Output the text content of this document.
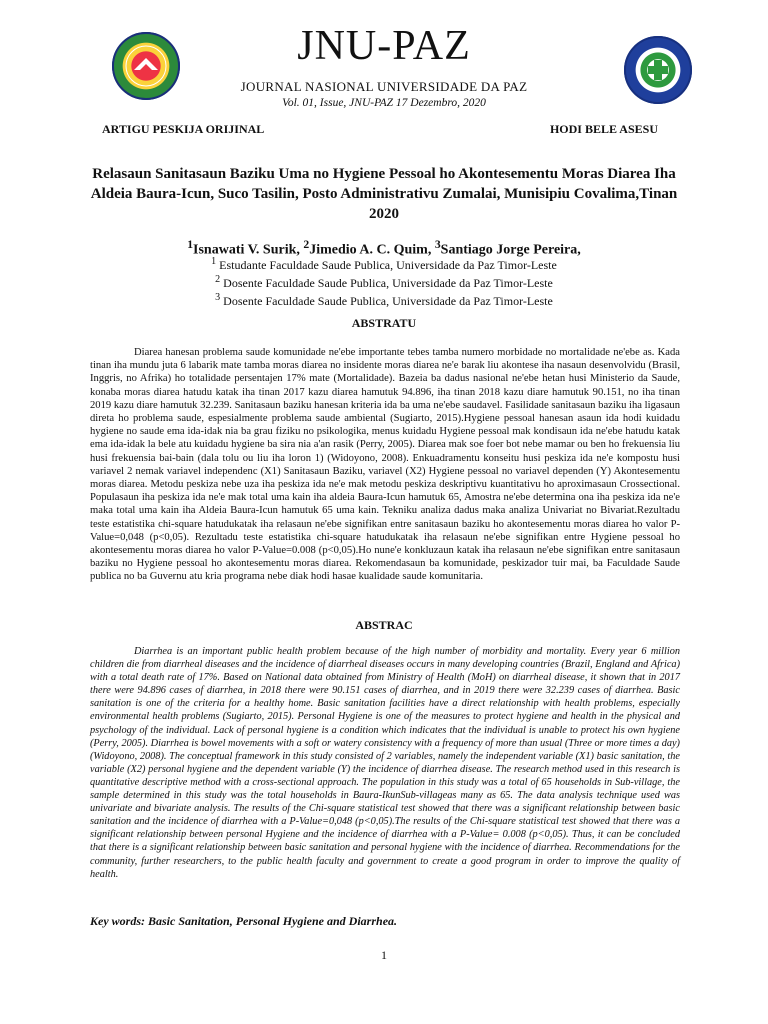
JNU-PAZ
JOURNAL NASIONAL UNIVERSIDADE DA PAZ
Vol. 01, Issue, JNU-PAZ 17 Dezembro, 2020
ARTIGU PESKIJA ORIJINAL	HODI BELE ASESU
Relasaun Sanitasaun Baziku Uma no Hygiene Pessoal ho Akontesementu Moras Diarea Iha Aldeia Baura-Icun, Suco Tasilin, Posto Administrativu Zumalai, Munisipiu Covalima,Tinan 2020
$^1$Isnawati V. Surik, $^2$Jimedio A. C. Quim, $^3$Santiago Jorge Pereira,
$^1$ Estudante Faculdade Saude Publica, Universidade da Paz Timor-Leste
$^2$ Dosente Faculdade Saude Publica, Universidade da Paz Timor-Leste
$^3$ Dosente Faculdade Saude Publica, Universidade da Paz Timor-Leste
ABSTRATU

Diarea hanesan problema saude komunidade ne'ebe importante tebes tamba numero morbidade no mortalidade ne'ebe as. Kada tinan iha mundu juta 6 labarik mate tamba moras diarea no insidente moras diarea ne'e barak liu akontese iha nasaun desenvolvidu (Brasil, Inggris, no Afrika) ho totalidade persentajen 17% mate (Mortalidade). Bazeia ba dadus nasional ne'ebe hetan husi Ministerio da Saude, konaba moras diarea hatudu katak iha tinan 2017 kazu diarea hamutuk 94.896, iha tinan 2018 kazu diare hamutuk 90.151, no iha tinan 2019 kazu diare hamutuk 32.239. Sanitasaun baziku hanesan kriteria ida ba uma ne'ebe saudavel. Fasilidade sanitasaun baziku iha ligasaun direta ho problema saude, espesialmente problema saude ambiental (Sugiarto, 2015).Hygiene pessoal hanesan asaun ida hodi kuidadu hygiene no saude ema ida-idak nia ba grau fiziku no psikologika, menus kuidadu Hygiene pessoal mak kondisaun ida ne'ebe hatudu katak ema ida-idak la bele atu kuidadu hygiene ba sira nia a'an rasik (Perry, 2005). Diarea mak soe foer bot nebe mamar ou ben ho frekuensia liu husi frekuensia bai-bain (dala tolu ou liu iha loron 1) (Widoyono, 2008). Enkuadramentu konseitu husi peskiza ida ne'e kompostu husi variavel 2 nemak variavel independenc (X1) Sanitasaun Baziku, variavel (X2) Hygiene pessoal no variavel dependen (Y) Akontesementu moras diarea. Metodu peskiza nebe uza iha peskiza ida ne'e mak metodu peskiza deskriptivu kuantitativu ho aproximasaun Crossectional. Populasaun iha peskiza ida ne'e mak total uma kain iha aldeia Baura-Icun hamutuk 65, Amostra ne'ebe determina ona iha peskiza ida ne'e maka total uma kain iha Aldeia Baura-Icun hamutuk 65 uma kain. Tekniku analiza dadus maka analiza Univariat no Bivariat.Rezultadu teste estatistika chi-square hatudukatak iha relasaun ne'ebe signifikan entre sanitasaun baziku ho akontesementu moras diarea ho valor P-Value=0,048 (p<0,05). Rezultadu teste estatistika chi-square hatudukatak iha relasaun ne'ebe signifikan entre Hygiene pessoal ho akontesementu moras diarea ho valor P-Value=0.008 (p<0,05).Ho nune'e konkluzaun katak iha relasaun ne'ebe signifikan entre sanitasaun baziku no Hygiene pessoal ho akontesementu moras diarea. Rekomendasaun ba komunidade, peskizador tuir mai, ba Faculdade Saude publica no ba Guvernu atu kria programa nebe diak hodi hasae kualidade saude komunitaria.

ABSTRAC

Diarrhea is an important public health problem because of the high number of morbidity and mortality. Every year 6 million children die from diarrheal diseases and the incidence of diarrheal diseases occurs in many developing countries (Brazil, England and Africa) with a total death rate of 17%. Based on National data obtained from Ministry of Health (MoH) on diarrheal disease, it shown that in 2017 there were 94.896 cases of diarrhea, in 2018 there were 90.151 cases of diarrhea, and in 2019 there were 32.239 cases of diarrhea. Basic sanitation is one of the criteria for a healthy home. Basic sanitation facilities have a direct relationship with health problems, especially environmental health problems (Sugiarto, 2015). Personal Hygiene is one of the measures to protect hygiene and health in the physical and psychology of the individual. Lack of personal hygiene is a condition which indicates that the individual is unable to protect his own hygiene (Perry, 2005). Diarrhea is bowel movements with a soft or watery consistency with a frequency of more than usual (Three or more times a day) (Widoyono, 2008). The conceptual framework in this study consisted of 2 variables, namely the independent variable (X1) basic sanitation, the variable (X2) personal hygiene and the dependent variable (Y) the incidence of diarrhea disease. The research method used in this research is quantitative descriptive method with a cross-sectional approach. The population in this study was a total of 65 households in Sub-village, the sample determined in this study was the total households in Baura-IkunSub-villageas many as 65. The data analysis technique used was univariate and bivariate analysis. The results of the Chi-square statistical test showed that there was a significant relationship between basic sanitation and the incidence of diarrhea with a P-Value=0,048 (p<0,05).The results of the Chi-square statistical test showed that there was a significant relationship between personal Hygiene and the incidence of diarrhea with a P-Value= 0.008 (p<0,05). Thus, it can be concluded that there is a significant relationship between basic sanitation and personal hygiene with the incidence of diarrhea. Recommendations for the community, further researchers, to the public health faculty and government to create a good program in order to improve the quality of health.

Key words: Basic Sanitation, Personal Hygiene and Diarrhea.
1
